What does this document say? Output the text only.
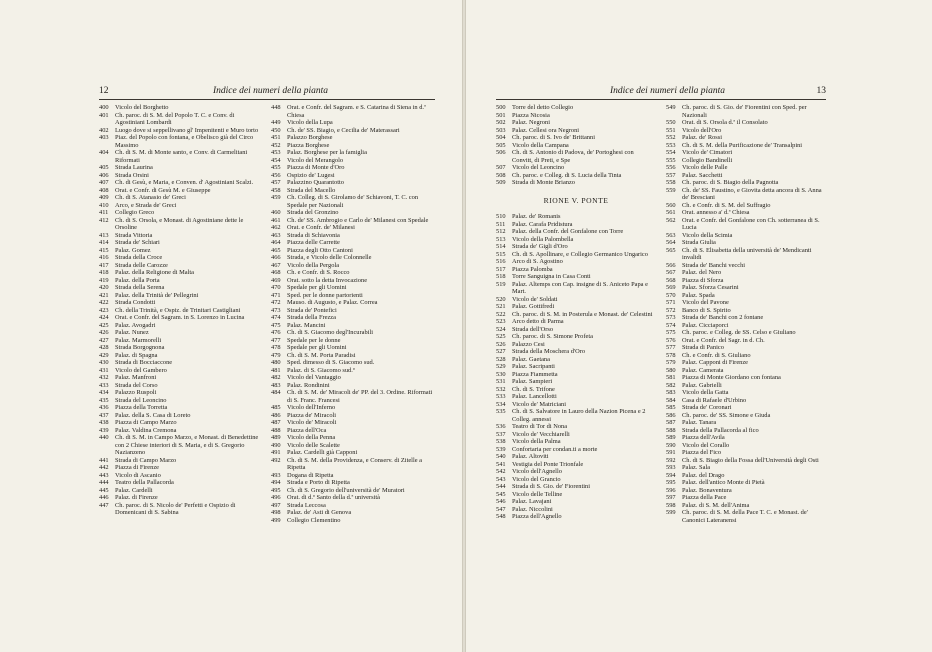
12	Indice dei numeri della pianta
400	Vicolo del Borghetto
401	Ch. paroc. di S. M. del Popolo T. C. e Conv. di Agostiniani Lombardi
402	Luogo dove si seppellivano gl' Impenitenti e Muro torto
403	Piaz. del Popolo con fontana, e Obelisco già del Circo Massimo
404	Ch. di S. M. di Monte santo, e Conv. di Carmelitani Riformati
405	Strada Laurina
406	Strada Orsini
407	Ch. di Gesù, e Maria, e Conven. d' Agostiniani Scalzi.
408	Orat. e Confr. di Gesù M. e Giuseppe
409	Ch. di S. Atanasio de' Greci
410	Arco, e Strada de' Greci
411	Collegio Greco
412	Ch. di S. Orsola, e Monast. di Agostiniane dette le Orsoline
413	Strada Vittoria
414	Strada de' Schiari
415	Palaz. Gomez
416	Strada della Croce
417	Strada delle Carozze
418	Palaz. della Religione di Malta
419	Palaz. della Porta
420	Strada della Serena
421	Palaz. della Trinità de' Pellegrini
422	Strada Condotti
423	Ch. della Trinità, e Ospiz. de Trinitari Castigliani
424	Orat. e Confr. del Sagram. in S. Lorenzo in Lucina
425	Palaz. Avogadri
426	Palaz. Nunez
427	Palaz. Marmorelli
428	Strada Borgognona
429	Palaz. di Spagna
430	Strada di Bocciaccone
431	Vicolo del Gambero
432	Palaz. Manfroni
433	Strada del Corso
434	Palazzo Ruspoli
435	Strada del Leoncino
436	Piazza della Torretta
437	Palaz. della S. Casa di Loreto
438	Piazza di Campo Marzo
439	Palaz. Valdina Cremona
440	Ch. di S. M. in Campo Marzo, e Monast. di Benedettine con 2 Chiese interiori di S. Maria, e di S. Gregorio Nazianzeno
441	Strada di Campo Marzo
442	Piazza di Firenze
443	Vicolo di Ascanio
444	Teatro della Pallacorda
445	Palaz. Cardelli
446	Palaz. di Firenze
447	Ch. paroc. di S. Nicolo de' Perfetti e Ospizio di Domenicani di S. Sabina
448	Orat. e Confr. del Sagram. e S. Catarina di Siena in d.ª Chiesa
449	Vicolo della Lupa
450	Ch. de' SS. Biagio, e Cecilia de' Materassari
451	Palazzo Borghese
452	Piazza Borghese
453	Palaz. Borghese per la famiglia
454	Vicolo del Merangolo
455	Piazza di Monte d'Oro
456	Ospizio de' Lugesi
457	Palazzino Quarantotto
458	Strada del Macello
459	Ch. Colleg. di S. Girolamo de' Schiavoni, T. C. con Spedale per Nazionali
460	Strada del Gronzino
461	Ch. de' SS. Ambrogio e Carlo de' Milanesi con Spedale
462	Orat. e Confr. de' Milanesi
463	Strada di Schiavonia
464	Piazza delle Carrette
465	Piazza degli Otto Cantoni
466	Strada, e Vicolo delle Colonnelle
467	Vicolo della Pergola
468	Ch. e Confr. di S. Rocco
469	Orat. sotto la detta Invocazione
470	Spedale per gli Uomini
471	Sped. per le donne partorienti
472	Mauso. di Augusto, e Palaz. Correa
473	Strada de' Pontefici
474	Strada della Frezza
475	Palaz. Mancini
476	Ch. di S. Giacomo degl'Incurabili
477	Spedale per le donne
478	Spedale per gli Uomini
479	Ch. di S. M. Porta Paradisi
480	Sped. dimesso di S. Giacomo sud.
481	Palaz. di S. Giacomo sud.º
482	Vicolo del Vantaggio
483	Palaz. Rondinini
484	Ch. di S. M. de' Miracoli de' PP. del 3. Ordine. Riformati di S. Franc. Francesi
485	Vicolo dell'Inferno
486	Piazza de' Miracoli
487	Vicolo de' Miracoli
488	Piazza dell'Oca
489	Vicolo della Penna
490	Vicolo delle Scalette
491	Palaz. Cardelli già Capponi
492	Ch. di S. M. della Providenza, e Conserv. di Zitelle a Ripetta
493	Dogana di Ripetta
494	Strada e Porto di Ripetta
495	Ch. di S. Gregorio dell'università de' Muratori
496	Orat. di d.º Santo della d.ª università
497	Strada Leccosa
498	Palaz. de' Asti di Genova
499	Collegio Clementino
Indice dei numeri della pianta	13
500	Torre del detto Collegio
501	Piazza Nicosia
502	Palaz. Negroni
503	Palaz. Cellesi ora Negroni
504	Ch. paroc. di S. Ivo de' Brittanni
505	Vicolo della Campana
506	Ch. di S. Antonio di Padova, de' Portoghesi con Convitt, di Preti, e Spe
507	Vicolo del Leoncino
508	Ch. paroc. e Colleg. di S. Lucia della Tinta
509	Strada di Monte Brianzo
RIONE V. PONTE
510	Palaz. de' Romanis
511	Palaz. Carafa Pridistura
512	Palaz. della Confr. del Gonfalone con Torre
513	Vicolo della Palombella
514	Strada de' Gigli d'Oro
515	Ch. di S. Apollinare, e Collegio Germanico Ungarico
516	Arco di S. Agostino
517	Piazza Palomba
518	Torre Sanguigna in Casa Conti
519	Palaz. Altemps con Cap. insigne di S. Aniceto Papa e Mart.
520	Vicolo de' Soldati
521	Palaz. Gottifredi
522	Ch. paroc. di S. M. in Posterula e Monast. de' Celestini
523	Arco detto di Parma
524	Strada dell'Orso
525	Ch. paroc. di S. Simone Profeta
526	Palazzo Cesi
527	Strada della Moschera d'Oro
528	Palaz. Gaetana
529	Palaz. Sacripanti
530	Piazza Fiammetta
531	Palaz. Sampieri
532	Ch. di S. Trifone
533	Palaz. Lancellotti
534	Vicolo de' Matriciani
535	Ch. di S. Salvatore in Lauro della Nazion Picena e 2 Colleg. annessi
536	Teatro di Tor di Nona
537	Vicolo de' Vecchiarelli
538	Vicolo della Palma
539	Confortaria per condan.ti a morte
540	Palaz. Altoviti
541	Vestigia del Ponte Trionfale
542	Vicolo dell'Agnello
543	Vicolo del Grancio
544	Strada di S. Gio. de' Fiorentini
545	Vicolo delle Telline
546	Palaz. Lavajani
547	Palaz. Niccolini
548	Piazza dell'Agnello
549	Ch. paroc. di S. Gio. de' Fiorentini con Sped. per Nazionali
550	Orat. di S. Orsola d.ª il Consolato
551	Vicolo dell'Oro
552	Palaz. de' Rossi
553	Ch. di S. M. della Purificazione de' Transalpini
554	Vicolo de' Cimatori
555	Collegio Bandinelli
556	Vicolo delle Palle
557	Palaz. Sacchetti
558	Ch. paroc. di S. Biagio della Pagnotta
559	Ch. de' SS. Faustino, e Giovita detta ancora di S. Anna de' Bresciani
560	Ch. e Confr. di S. M. del Suffragio
561	Orat. annesso a' d.ª Chiesa
562	Orat. e Confr. del Gonfalone con Ch. sotterranea di S. Lucia
563	Vicolo della Scimia
564	Strada Giulia
565	Ch. di S. Elisabetta della università de' Mendicanti invalidi
566	Strada de' Banchi vecchi
567	Palaz. del Nero
568	Piazza di Sforza
569	Palaz. Sforza Cesarini
570	Palaz. Spada
571	Vicolo del Pavone
572	Banco di S. Spirito
573	Strada de' Banchi con 2 fontane
574	Palaz. Cicciaporci
575	Ch. paroc. e Colleg. de SS. Celso e Giuliano
576	Orat. e Confr. del Sagr. in d. Ch.
577	Strada di Panico
578	Ch. e Confr. di S. Giuliano
579	Palaz. Capponi di Firenze
580	Palaz. Camerata
581	Piazza di Monte Giordano con fontana
582	Palaz. Gabrielli
583	Vicolo della Gatta
584	Casa di Rafaele d'Urbino
585	Strada de' Coronari
586	Ch. paroc. de' SS. Simone e Giuda
587	Palaz. Tanara
588	Strada della Pallacorda al fico
589	Piazza dell'Avila
590	Vicolo del Corallo
591	Piazza del Fico
592	Ch. di S. Biagio della Fossa dell'Università degli Osti
593	Palaz. Sala
594	Palaz. del Drago
595	Palaz. dell'antico Monte di Pietà
596	Palaz. Bonaventura
597	Piazza della Pace
598	Palaz. di S. M. dell'Anima
599	Ch. paroc. di S. M. della Pace T. C. e Monast. de' Canonici Lateranensi
